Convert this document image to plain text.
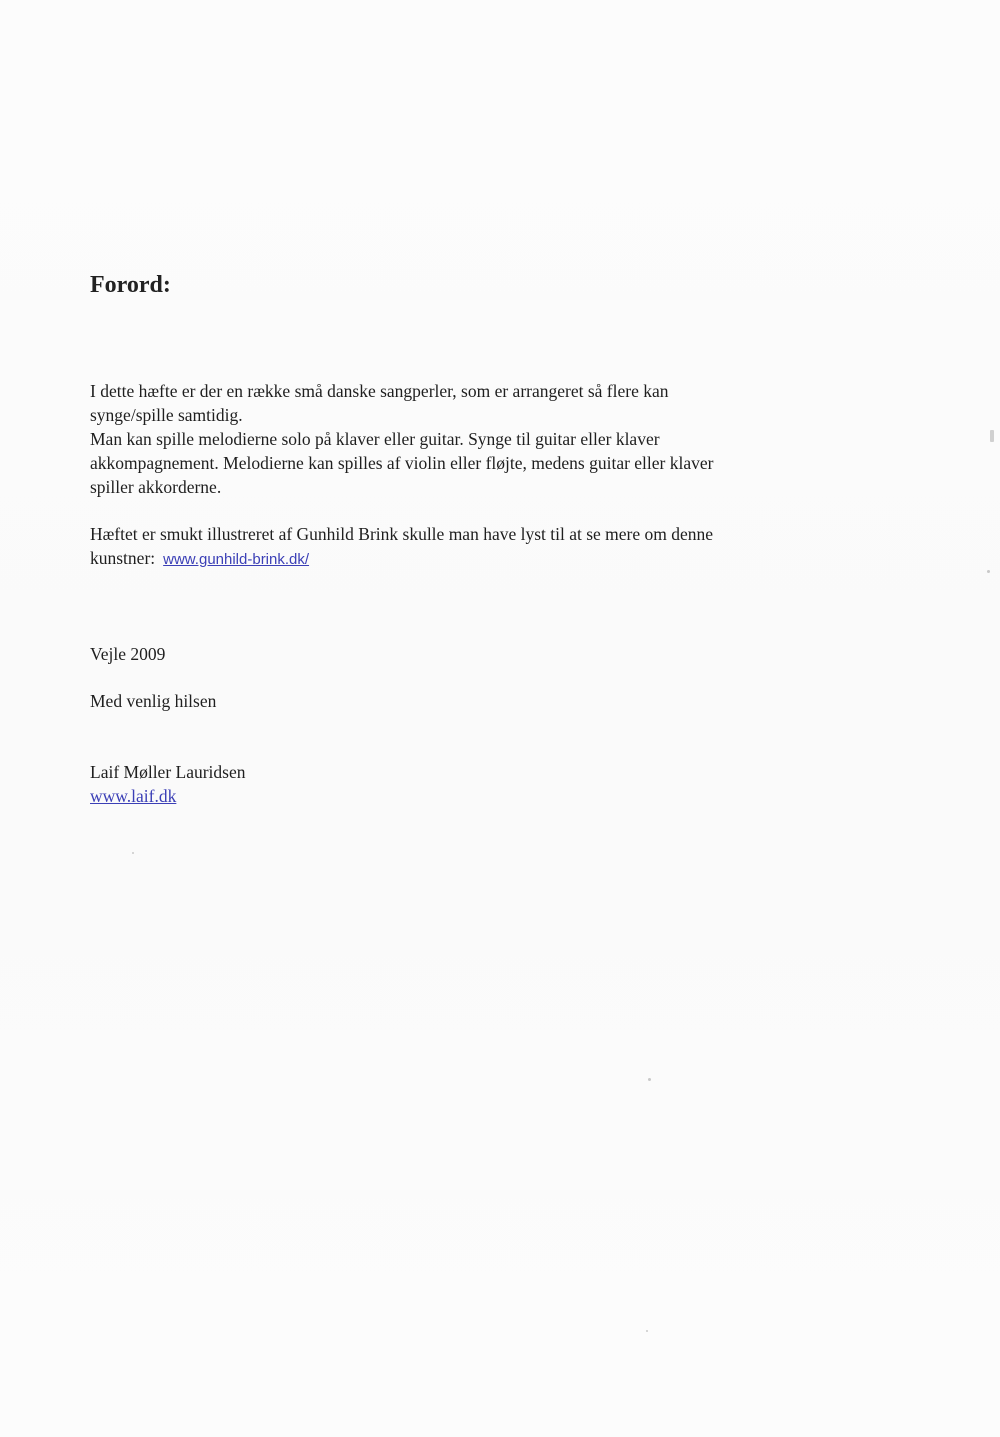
Forord:

I dette hæfte er der en række små danske sangperler, som er arrangeret så flere kan
synge/spille samtidig.
Man kan spille melodierne solo på klaver eller guitar. Synge til guitar eller klaver
akkompagnement. Melodierne kan spilles af violin eller fløjte, medens guitar eller klaver
spiller akkorderne.

Hæftet er smukt illustreret af Gunhild Brink skulle man have lyst til at se mere om denne
kunstner: www.gunhild-brink.dk/

Vejle 2009

Med venlig hilsen

Laif Møller Lauridsen

www.laif.dk
